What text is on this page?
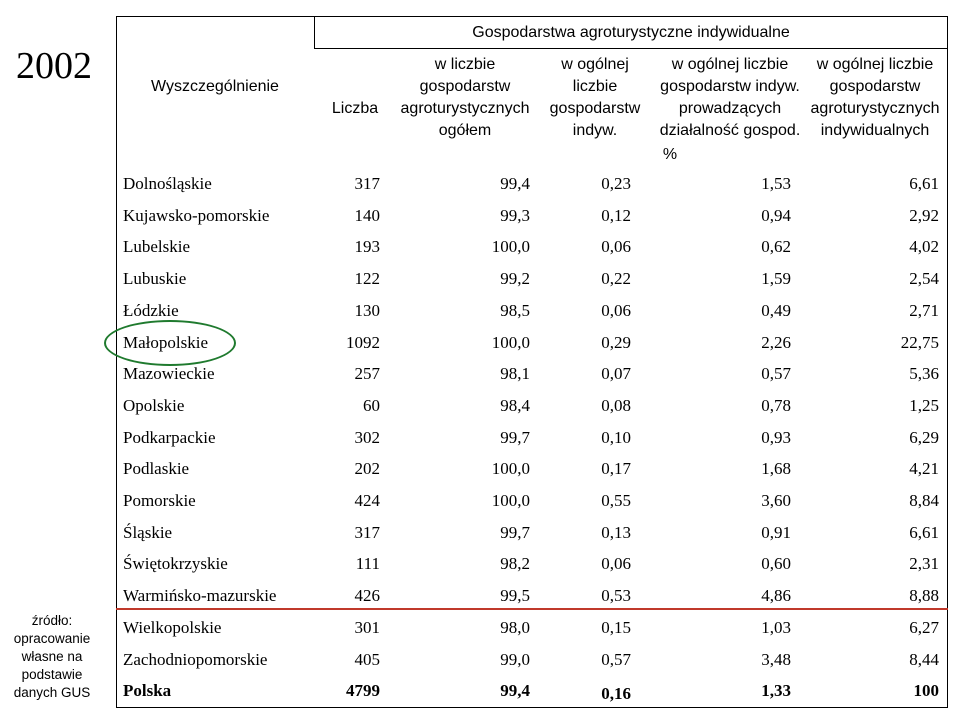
2002
źródło:
opracowanie
własne na
podstawie
danych GUS
Gospodarstwa agroturystyczne indywidualne
Wyszczególnienie
Liczba
w liczbie
gospodarstw
agroturystycznych
ogółem
w ogólnej
liczbie
gospodarstw
indyw.
w ogólnej liczbie
gospodarstw indyw.
prowadzących
działalność gospod.
w ogólnej liczbie
gospodarstw
agroturystycznych
indywidualnych
%
Dolnośląskie	317	99,4	0,23	1,53	6,61
Kujawsko-pomorskie	140	99,3	0,12	0,94	2,92
Lubelskie	193	100,0	0,06	0,62	4,02
Lubuskie	122	99,2	0,22	1,59	2,54
Łódzkie	130	98,5	0,06	0,49	2,71
Małopolskie	1092	100,0	0,29	2,26	22,75
Mazowieckie	257	98,1	0,07	0,57	5,36
Opolskie	60	98,4	0,08	0,78	1,25
Podkarpackie	302	99,7	0,10	0,93	6,29
Podlaskie	202	100,0	0,17	1,68	4,21
Pomorskie	424	100,0	0,55	3,60	8,84
Śląskie	317	99,7	0,13	0,91	6,61
Świętokrzyskie	111	98,2	0,06	0,60	2,31
Warmińsko-mazurskie	426	99,5	0,53	4,86	8,88
Wielkopolskie	301	98,0	0,15	1,03	6,27
Zachodniopomorskie	405	99,0	0,57	3,48	8,44
Polska	4799	99,4	0,16	1,33	100
